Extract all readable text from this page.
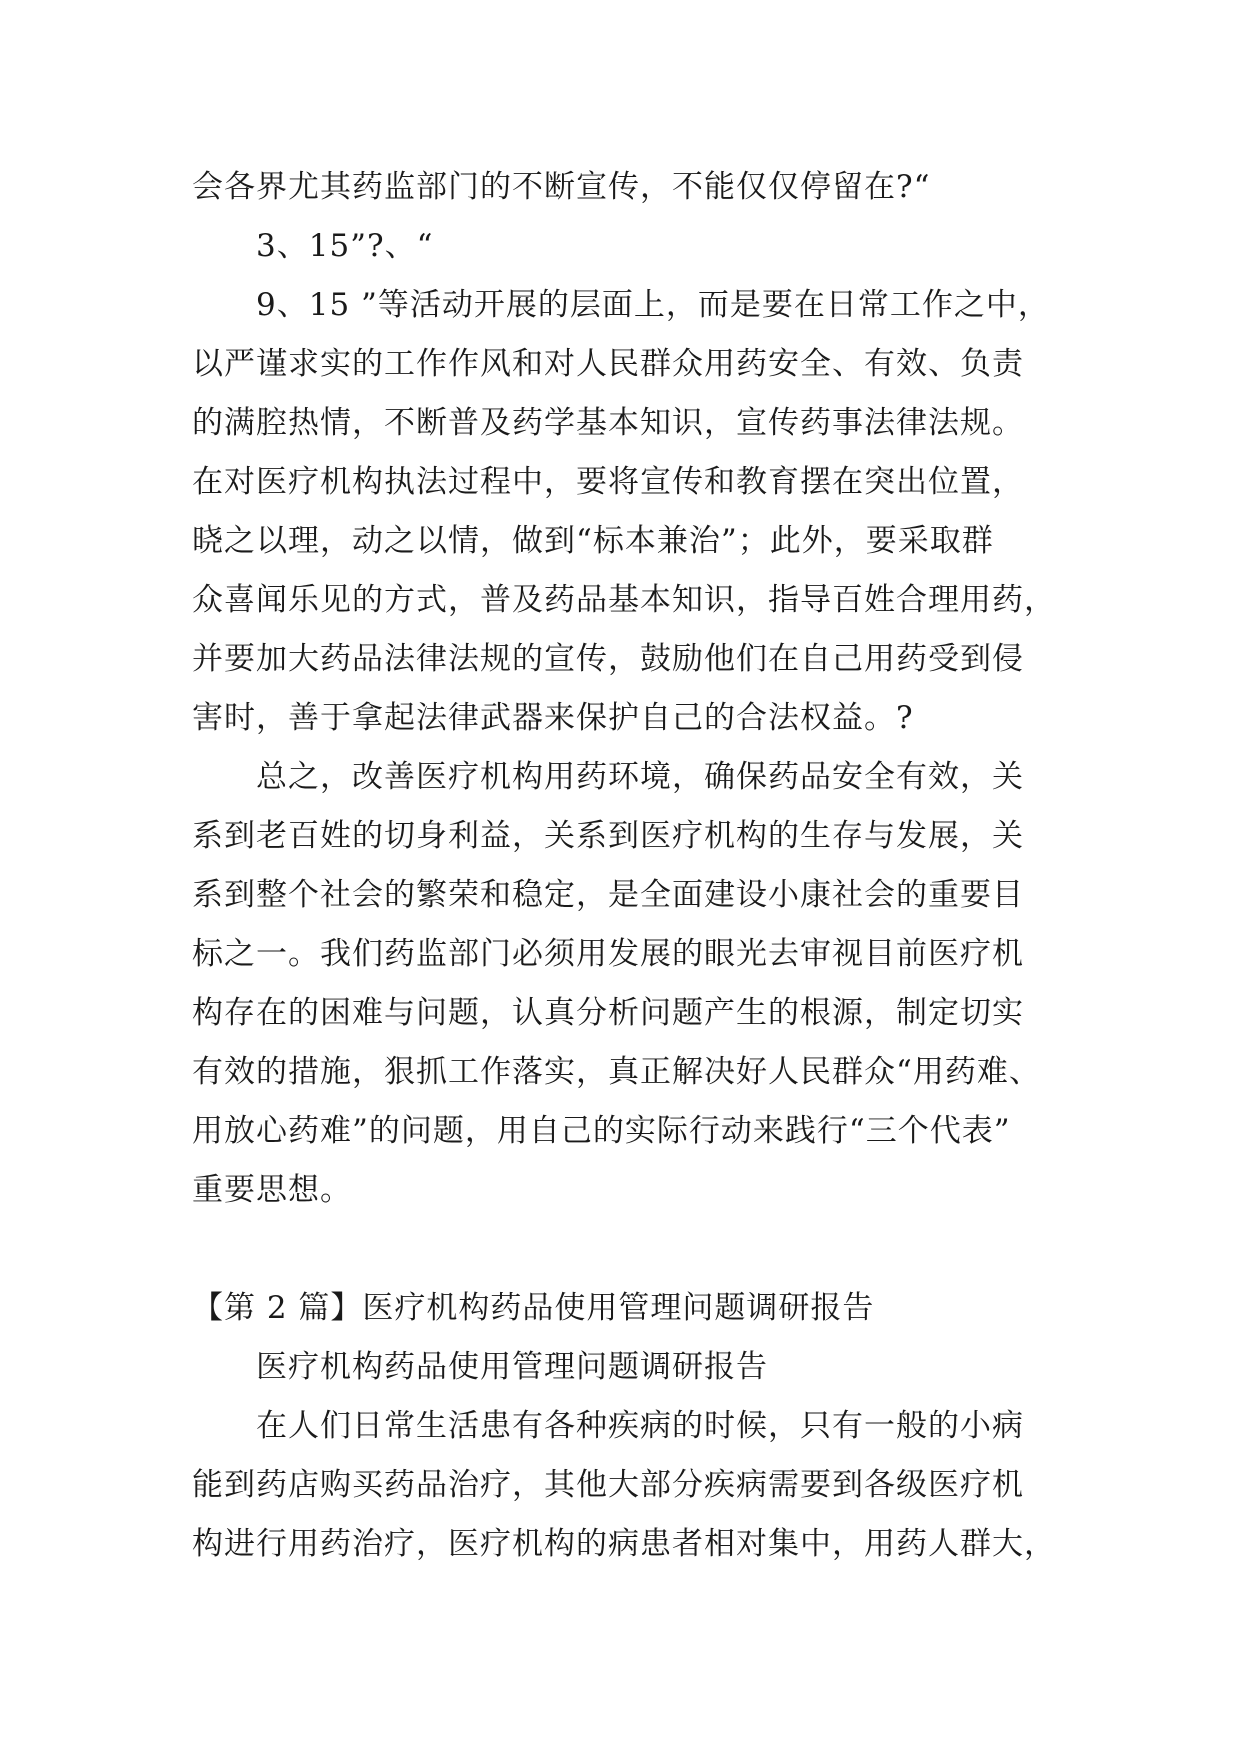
会各界尤其药监部门的不断宣传，不能仅仅停留在?“
3、15”?、“
9、15 ”等活动开展的层面上，而是要在日常工作之中，
以严谨求实的工作作风和对人民群众用药安全、有效、负责
的满腔热情，不断普及药学基本知识，宣传药事法律法规。
在对医疗机构执法过程中，要将宣传和教育摆在突出位置，
晓之以理，动之以情，做到“标本兼治”；此外，要采取群
众喜闻乐见的方式，普及药品基本知识，指导百姓合理用药，
并要加大药品法律法规的宣传，鼓励他们在自己用药受到侵
害时，善于拿起法律武器来保护自己的合法权益。?
总之，改善医疗机构用药环境，确保药品安全有效，关
系到老百姓的切身利益，关系到医疗机构的生存与发展，关
系到整个社会的繁荣和稳定，是全面建设小康社会的重要目
标之一。我们药监部门必须用发展的眼光去审视目前医疗机
构存在的困难与问题，认真分析问题产生的根源，制定切实
有效的措施，狠抓工作落实，真正解决好人民群众“用药难、
用放心药难”的问题，用自己的实际行动来践行“三个代表”
重要思想。
【第 2 篇】医疗机构药品使用管理问题调研报告
医疗机构药品使用管理问题调研报告
在人们日常生活患有各种疾病的时候，只有一般的小病
能到药店购买药品治疗，其他大部分疾病需要到各级医疗机
构进行用药治疗，医疗机构的病患者相对集中，用药人群大，
